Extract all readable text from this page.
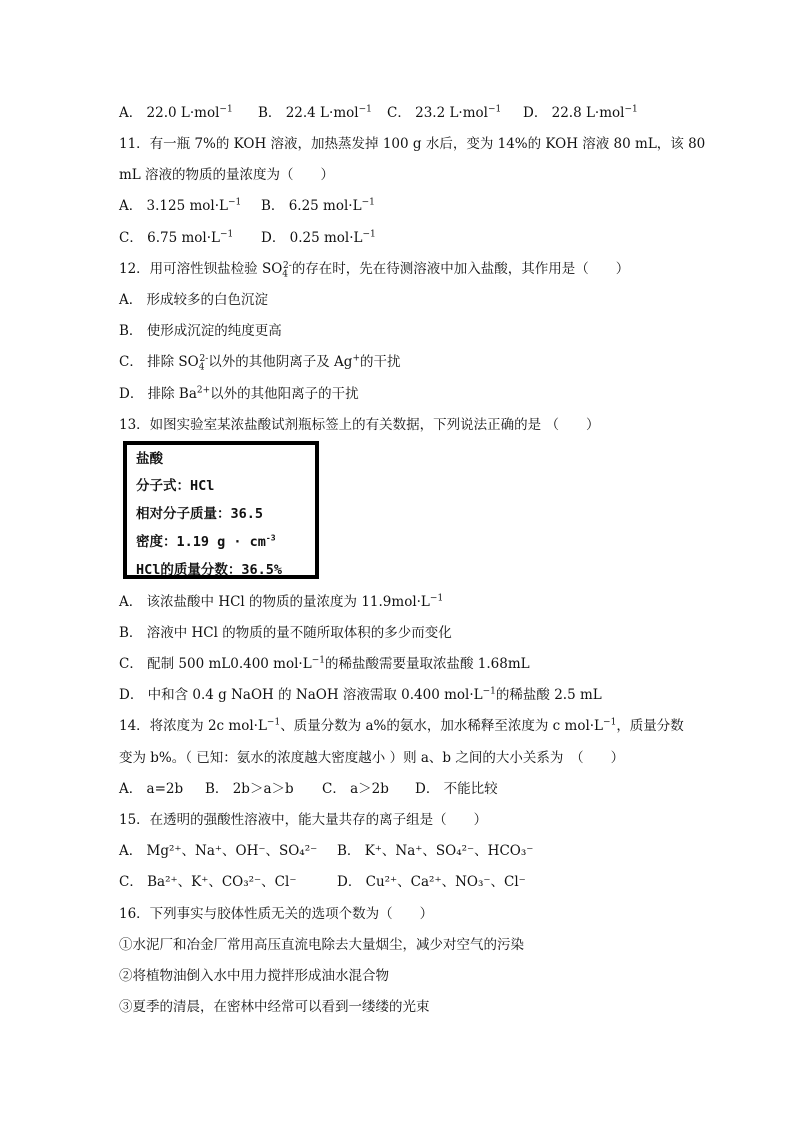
A． 22.0 L·mol$^{-1}$ B． 22.4 L·mol$^{-1}$ C． 23.2 L·mol$^{-1}$ D． 22.8 L·mol$^{-1}$
11．有一瓶 7%的 KOH 溶液，加热蒸发掉 100 g 水后，变为 14%的 KOH 溶液 80 mL，该 80
mL 溶液的物质的量浓度为（　　）
A． 3.125 $mol\cdot L^{-1}$ B． 6.25 $mol\cdot L^{-1}$
C． 6.75 $mol\cdot L^{-1}$ D． 0.25 $mol\cdot L^{-1}$
12．用可溶性钡盐检验 $SO_4^{2-}$的存在时，先在待测溶液中加入盐酸，其作用是（　　）
A． 形成较多的白色沉淀
B． 使形成沉淀的纯度更高
C． 排除 $SO_4^{2-}$以外的其他阴离子及 Ag+的干扰
D． 排除 $Ba^{2+}$以外的其他阳离子的干扰
13．如图实验室某浓盐酸试剂瓶标签上的有关数据，下列说法正确的是 （　　）
盐酸
分子式：HCl
相对分子质量：36.5
密度：1.19 $g \cdot cm^{-3}$
HCl的质量分数：36.5%
A． 该浓盐酸中 HCl 的物质的量浓度为 $11.9mol\cdot L^{-1}$
B． 溶液中 HCl 的物质的量不随所取体积的多少而变化
C． 配制 500 mL0.400 $mol\cdot L^{-1}$的稀盐酸需要量取浓盐酸 1.68mL
D． 中和含 0.4 g NaOH 的 NaOH 溶液需取 0.400 $mol\cdot L^{-1}$的稀盐酸 2.5 mL
14．将浓度为 2c $mol\cdot L^{-1}$、质量分数为 a%的氨水，加水稀释至浓度为 c $mol\cdot L^{-1}$，质量分数
变为 b%。（ 已知：氨水的浓度越大密度越小 ）则 a、b 之间的大小关系为　（　　）
A． a=2b B． 2b＞a＞b C． a＞2b D． 不能比较
15．在透明的强酸性溶液中，能大量共存的离子组是（　　）
A． Mg²⁺、Na⁺、OH⁻、SO₄²⁻ B． K⁺、Na⁺、SO₄²⁻、HCO₃⁻
C． Ba²⁺、K⁺、CO₃²⁻、Cl⁻	D． Cu²⁺、Ca²⁺、NO₃⁻、Cl⁻
16．下列事实与胶体性质无关的选项个数为（　　）
①水泥厂和冶金厂常用高压直流电除去大量烟尘，减少对空气的污染
②将植物油倒入水中用力搅拌形成油水混合物
③夏季的清晨，在密林中经常可以看到一缕缕的光束
